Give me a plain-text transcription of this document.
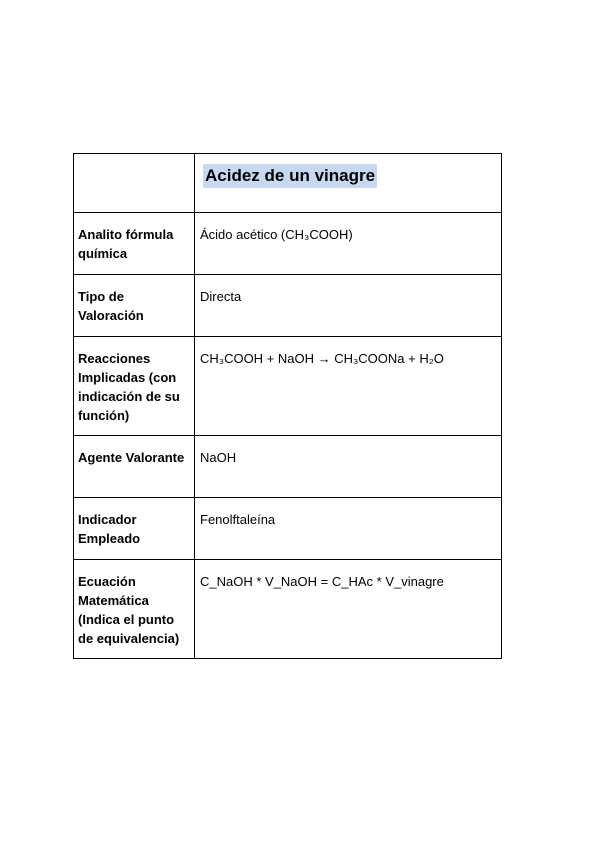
	Acidez de un vinagre
Analito fórmula química	Ácido acético (CH₃COOH)
Tipo de Valoración	Directa
Reacciones Implicadas (con indicación de su función)	CH₃COOH + NaOH → CH₃COONa + H₂O
Agente Valorante	NaOH
Indicador Empleado	Fenolftaleína
Ecuación Matemática (Indica el punto de equivalencia)	C_NaOH * V_NaOH = C_HAc * V_vinagre
